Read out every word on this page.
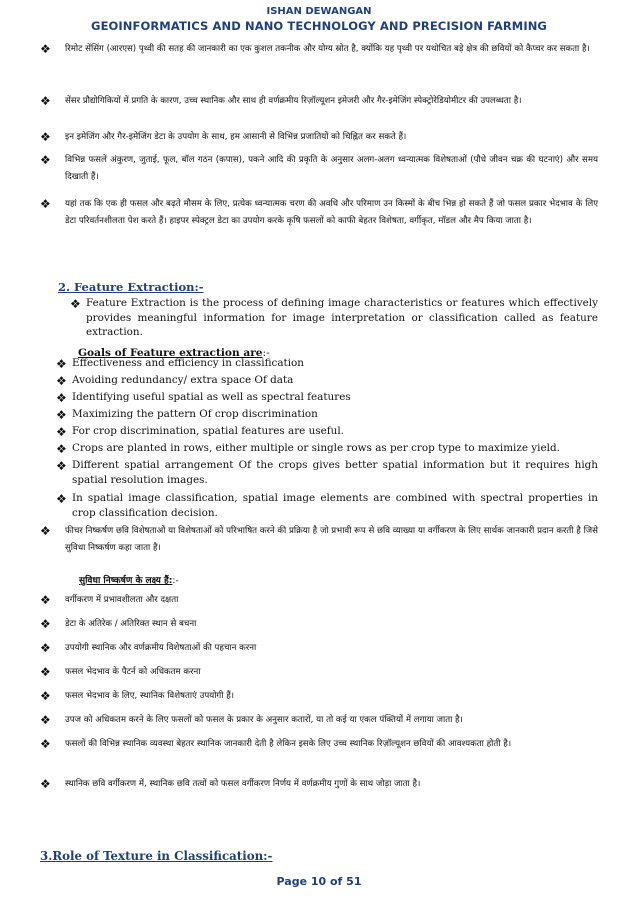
ISHAN DEWANGAN
GEOINFORMATICS AND NANO TECHNOLOGY AND PRECISION FARMING
❖ रिमोट सेंसिंग (आरएस) पृथ्वी की सतह की जानकारी का एक कुशल तकनीक और योग्य स्रोत है, क्योंकि यह पृथ्वी पर यथोचित बड़े क्षेत्र की छवियों को कैप्चर कर सकता है।

❖ सेंसर प्रौद्योगिकियों में प्रगति के कारण, उच्च स्थानिक और साथ ही वर्णक्रमीय रिज़ॉल्यूशन इमेजरी और गैर-इमेजिंग स्पेक्ट्रोरेडियोमीटर की उपलब्धता है।

❖ इन इमेजिंग और गैर-इमेजिंग डेटा के उपयोग के साथ, हम आसानी से विभिन्न प्रजातियों को चिह्नित कर सकते हैं।

❖ विभिन्न फसलें अंकुरण, जुताई, फूल, बॉल गठन (कपास), पकने आदि की प्रकृति के अनुसार अलग-अलग ध्वन्यात्मक विशेषताओं (पौधे जीवन चक्र की घटनाएं) और समय दिखाती हैं।

❖ यहां तक कि एक ही फसल और बढ़ते मौसम के लिए, प्रत्येक ध्वन्यात्मक चरण की अवधि और परिमाण उन किस्मों के बीच भिन्न हो सकते हैं जो फसल प्रकार भेदभाव के लिए डेटा परिवर्तनशीलता पेश करते हैं। हाइपर स्पेक्ट्रल डेटा का उपयोग करके कृषि फसलों को काफी बेहतर विशेषता, वर्गीकृत, मॉडल और मैप किया जाता है।

2. Feature Extraction:-
❖ Feature Extraction is the process of defining image characteristics or features which effectively provides meaningful information for image interpretation or classification called as feature extraction.

Goals of Feature extraction are:-
❖ Effectiveness and efficiency in classification

❖ Avoiding redundancy/ extra space Of data

❖ Identifying useful spatial as well as spectral features

❖ Maximizing the pattern Of crop discrimination

❖ For crop discrimination, spatial features are useful.

❖ Crops are planted in rows, either multiple or single rows as per crop type to maximize yield.

❖ Different spatial arrangement Of the crops gives better spatial information but it requires high spatial resolution images.

❖ In spatial image classification, spatial image elements are combined with spectral properties in crop classification decision.

❖ फीचर निष्कर्षण छवि विशेषताओं या विशेषताओं को परिभाषित करने की प्रक्रिया है जो प्रभावी रूप से छवि व्याख्या या वर्गीकरण के लिए सार्थक जानकारी प्रदान करती है जिसे सुविधा निष्कर्षण कहा जाता है।

सुविधा निष्कर्षण के लक्ष्य हैं::-
❖ वर्गीकरण में प्रभावशीलता और दक्षता

❖ डेटा के अतिरेक / अतिरिक्त स्थान से बचना

❖ उपयोगी स्थानिक और वर्णक्रमीय विशेषताओं की पहचान करना

❖ फसल भेदभाव के पैटर्न को अधिकतम करना

❖ फसल भेदभाव के लिए, स्थानिक विशेषताएं उपयोगी हैं।

❖ उपज को अधिकतम करने के लिए फसलों को फसल के प्रकार के अनुसार कतारों, या तो कई या एकल पंक्तियों में लगाया जाता है।

❖ फसलों की विभिन्न स्थानिक व्यवस्था बेहतर स्थानिक जानकारी देती है लेकिन इसके लिए उच्च स्थानिक रिज़ॉल्यूशन छवियों की आवश्यकता होती है।

❖ स्थानिक छवि वर्गीकरण में, स्थानिक छवि तत्वों को फसल वर्गीकरण निर्णय में वर्णक्रमीय गुणों के साथ जोड़ा जाता है।

3.Role of Texture in Classification:-
Page 10 of 51
